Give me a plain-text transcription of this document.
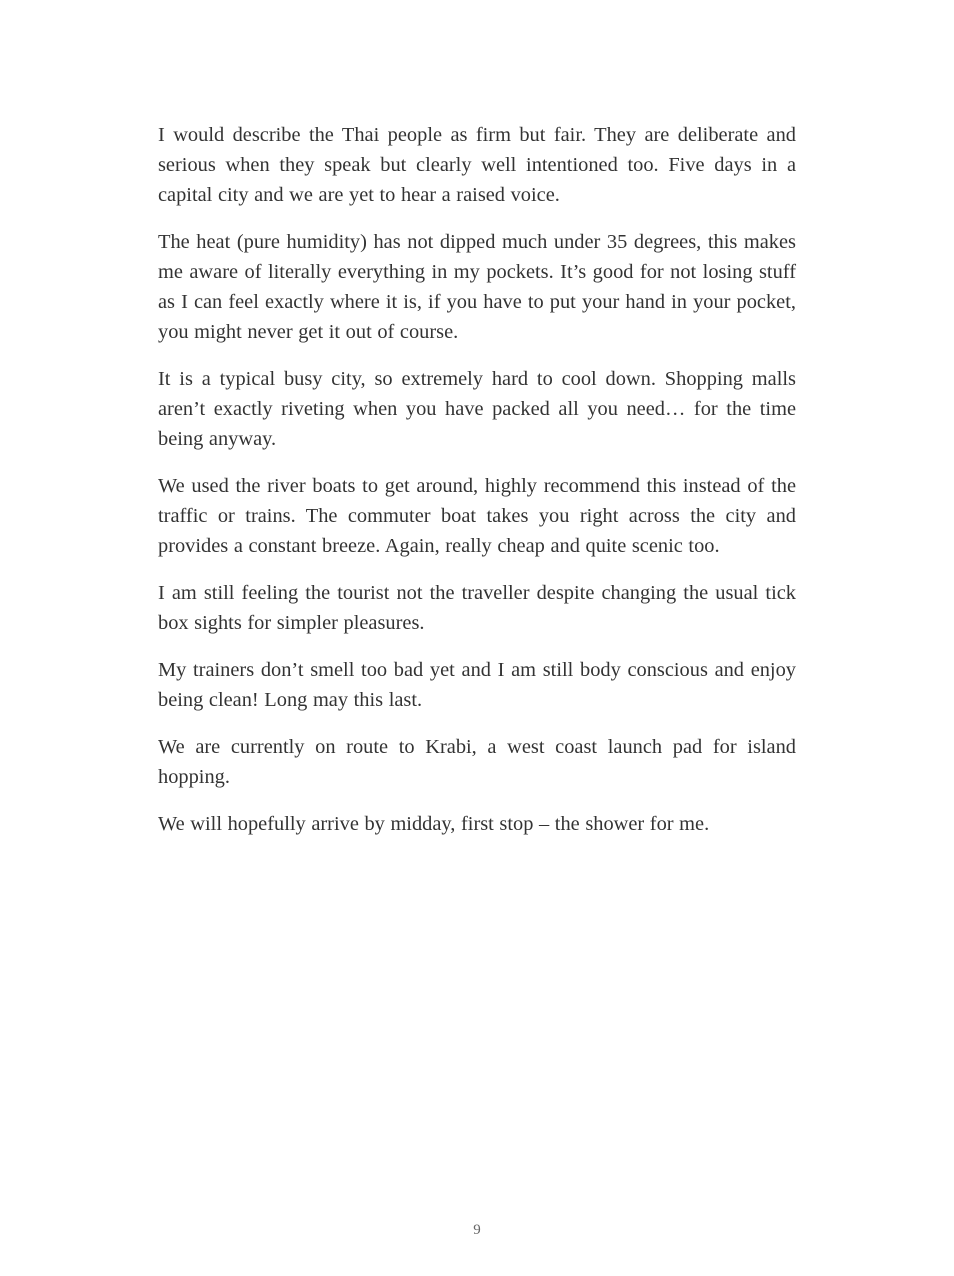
I would describe the Thai people as firm but fair. They are deliberate and serious when they speak but clearly well intentioned too. Five days in a capital city and we are yet to hear a raised voice.

The heat (pure humidity) has not dipped much under 35 degrees, this makes me aware of literally everything in my pockets. It’s good for not losing stuff as I can feel exactly where it is, if you have to put your hand in your pocket, you might never get it out of course.

It is a typical busy city, so extremely hard to cool down. Shopping malls aren’t exactly riveting when you have packed all you need… for the time being anyway.

We used the river boats to get around, highly recommend this instead of the traffic or trains. The commuter boat takes you right across the city and provides a constant breeze. Again, really cheap and quite scenic too.

I am still feeling the tourist not the traveller despite changing the usual tick box sights for simpler pleasures.

My trainers don’t smell too bad yet and I am still body conscious and enjoy being clean! Long may this last.

We are currently on route to Krabi, a west coast launch pad for island hopping.

We will hopefully arrive by midday, first stop – the shower for me.

9
